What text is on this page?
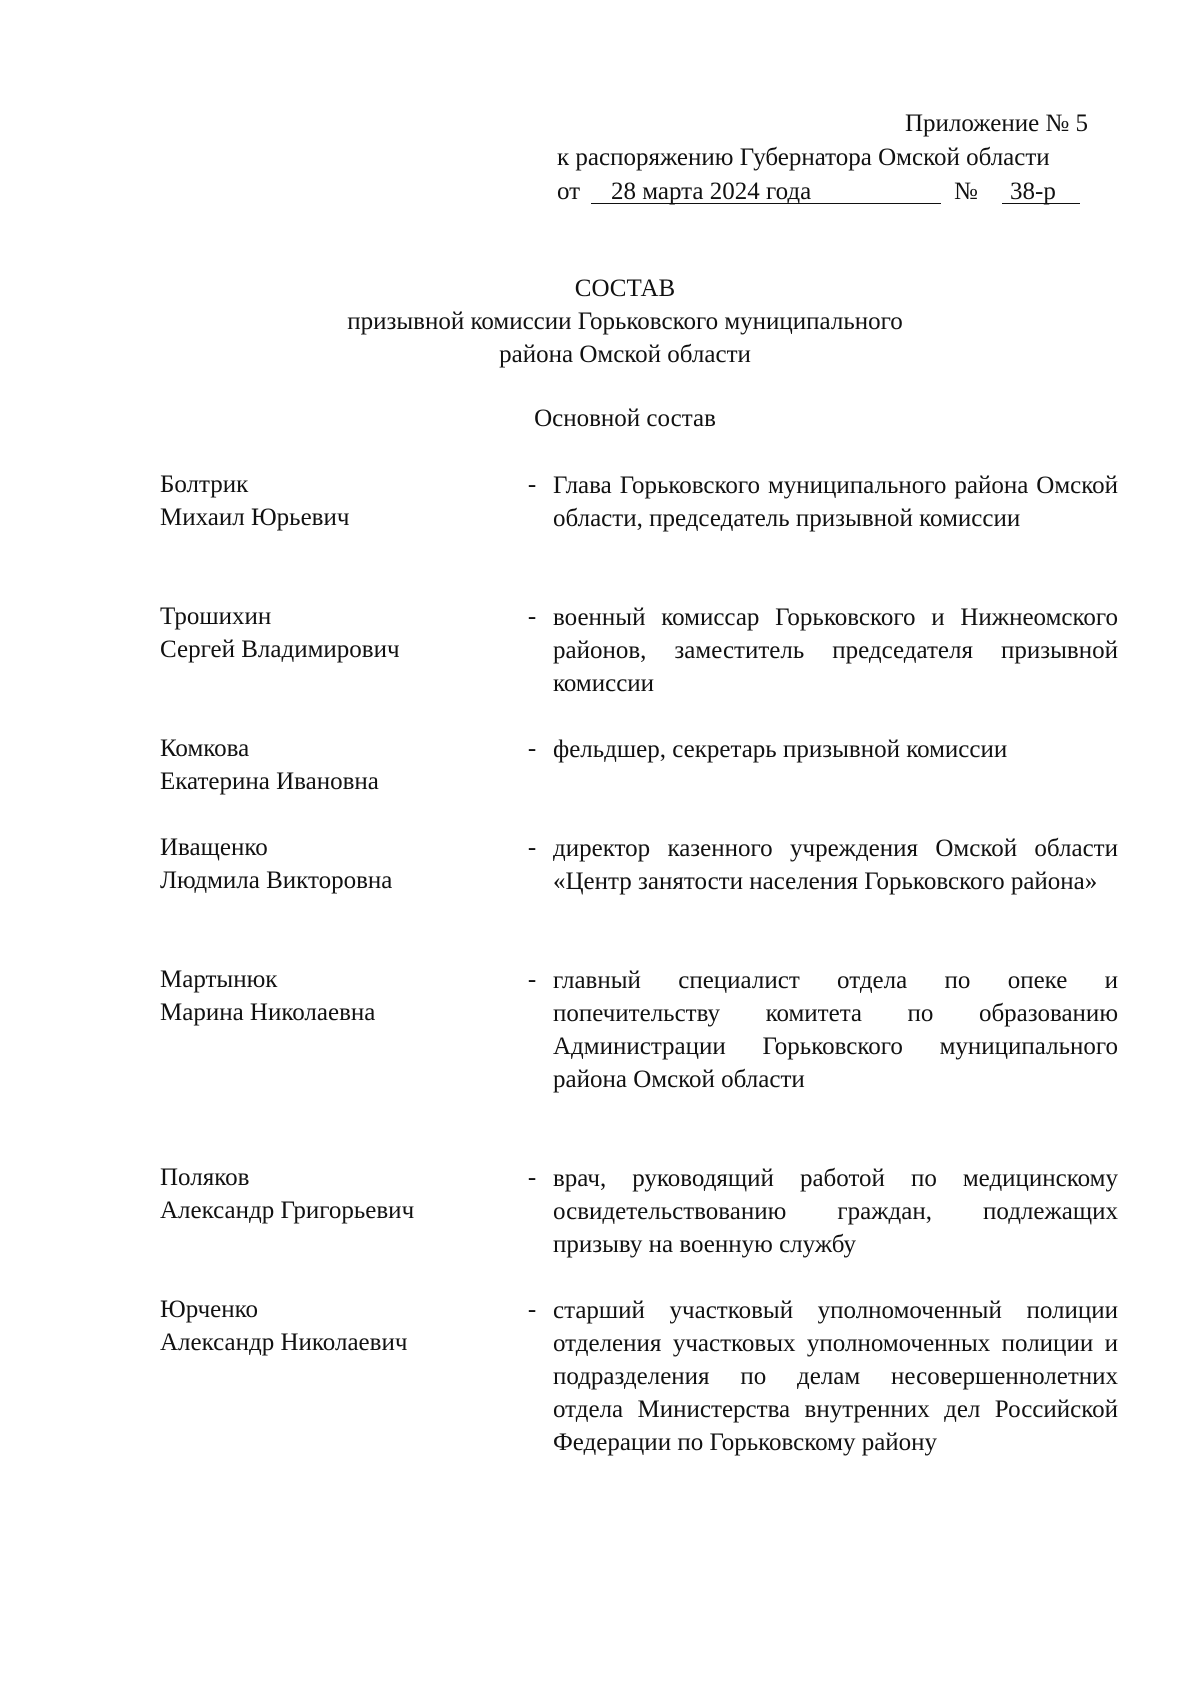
Приложение № 5
к распоряжению Губернатора Омской области
от	28 марта 2024 года	№	38-р
СОСТАВ
призывной комиссии Горьковского муниципального
района Омской области
Основной состав
Болтрик
Михаил Юрьевич
- Глава Горьковского муниципального района Омской области, председатель призывной комиссии
Трошихин
Сергей Владимирович
- военный комиссар Горьковского и Нижнеомского районов, заместитель председателя призывной комиссии
Комкова
Екатерина Ивановна
- фельдшер, секретарь призывной комиссии
Иващенко
Людмила Викторовна
- директор казенного учреждения Омской области «Центр занятости населения Горьковского района»
Мартынюк
Марина Николаевна
- главный специалист отдела по опеке и попечительству комитета по образованию Администрации Горьковского муниципального района Омской области
Поляков
Александр Григорьевич
- врач, руководящий работой по медицинскому освидетельствованию граждан, подлежащих призыву на военную службу
Юрченко
Александр Николаевич
- старший участковый уполномоченный полиции отделения участковых уполномоченных полиции и подразделения по делам несовершеннолетних отдела Министерства внутренних дел Российской Федерации по Горьковскому району
